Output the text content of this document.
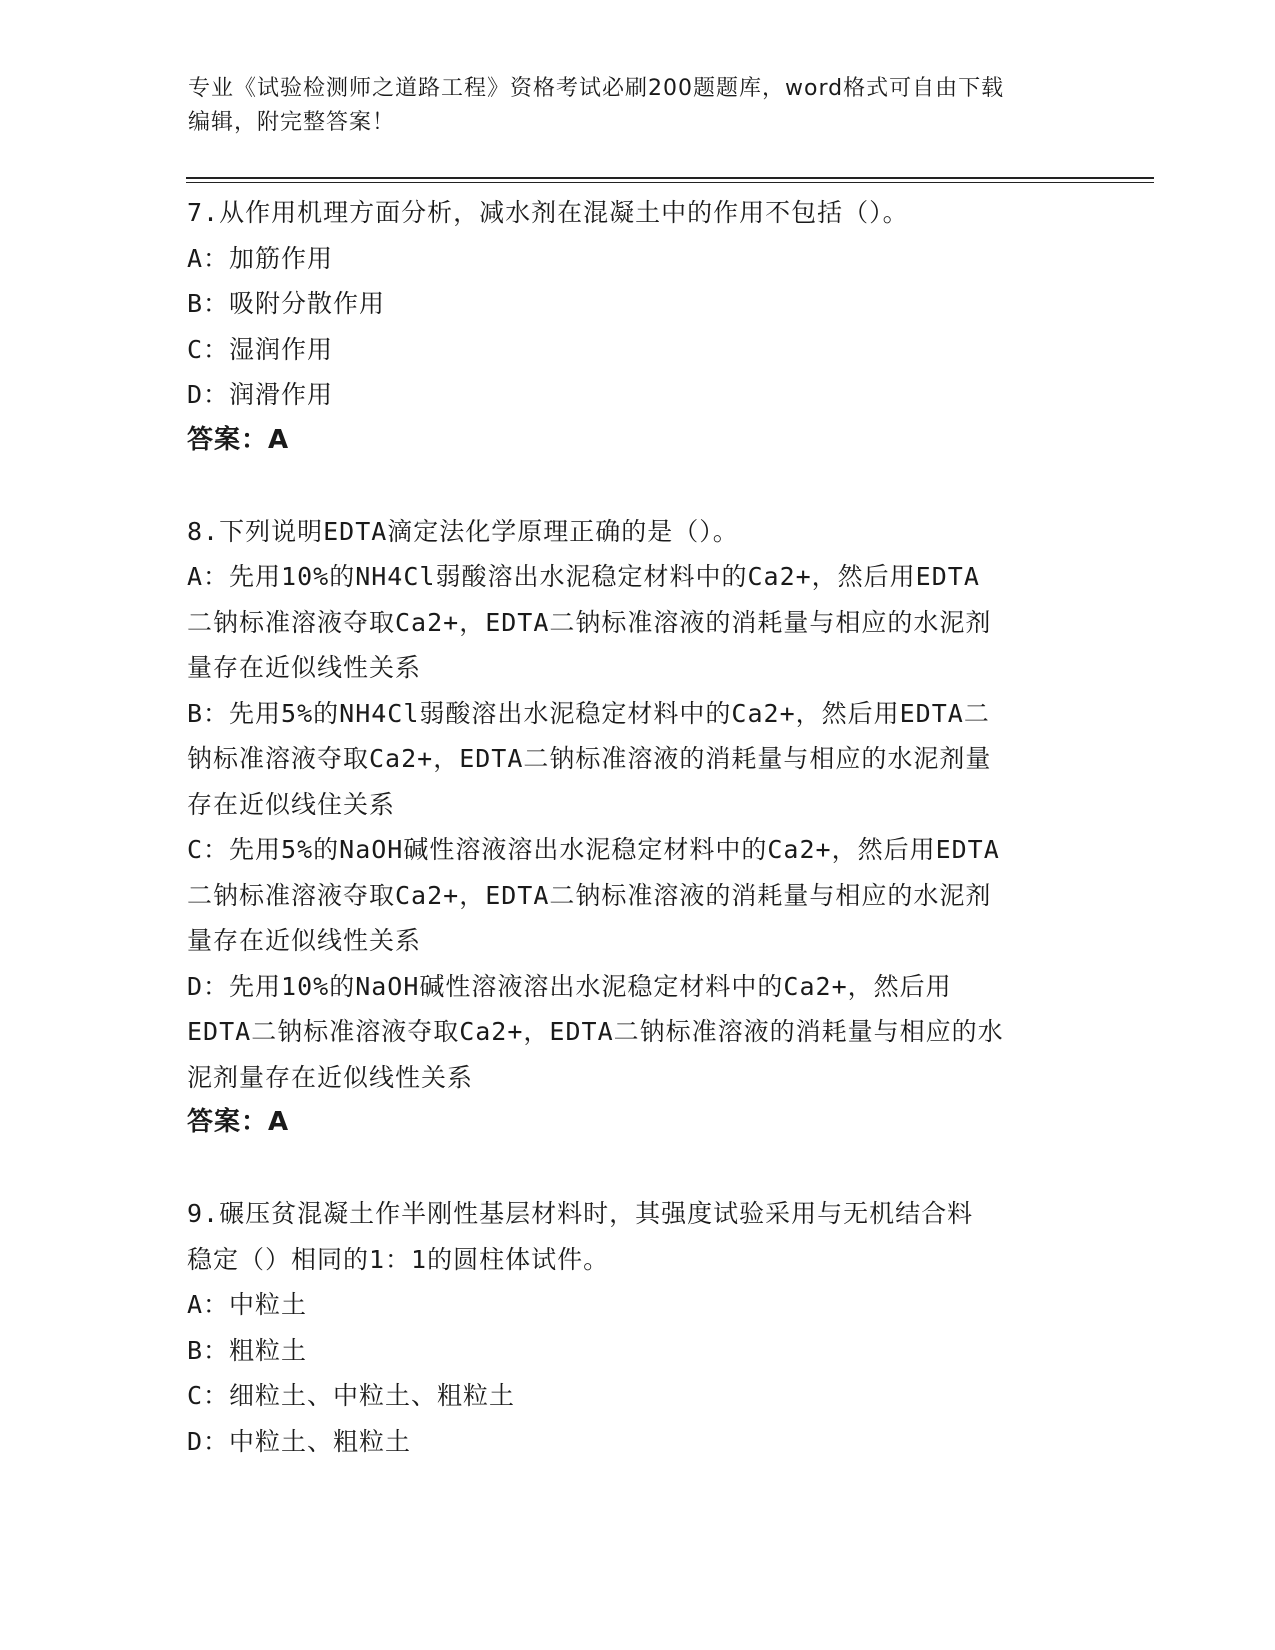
专业《试验检测师之道路工程》资格考试必刷200题题库，word格式可自由下载
编辑，附完整答案！
7.从作用机理方面分析，减水剂在混凝土中的作用不包括（）。
A：加筋作用
B：吸附分散作用
C：湿润作用
D：润滑作用
答案：A
8.下列说明EDTA滴定法化学原理正确的是（）。
A：先用10%的NH4Cl弱酸溶出水泥稳定材料中的Ca2+，然后用EDTA
二钠标准溶液夺取Ca2+，EDTA二钠标准溶液的消耗量与相应的水泥剂
量存在近似线性关系
B：先用5%的NH4Cl弱酸溶出水泥稳定材料中的Ca2+，然后用EDTA二
钠标准溶液夺取Ca2+，EDTA二钠标准溶液的消耗量与相应的水泥剂量
存在近似线住关系
C：先用5%的NaOH碱性溶液溶出水泥稳定材料中的Ca2+，然后用EDTA
二钠标准溶液夺取Ca2+，EDTA二钠标准溶液的消耗量与相应的水泥剂
量存在近似线性关系
D：先用10%的NaOH碱性溶液溶出水泥稳定材料中的Ca2+，然后用
EDTA二钠标准溶液夺取Ca2+，EDTA二钠标准溶液的消耗量与相应的水
泥剂量存在近似线性关系
答案：A
9.碾压贫混凝土作半刚性基层材料时，其强度试验采用与无机结合料
稳定（）相同的1：1的圆柱体试件。
A：中粒土
B：粗粒土
C：细粒土、中粒土、粗粒土
D：中粒土、粗粒土
